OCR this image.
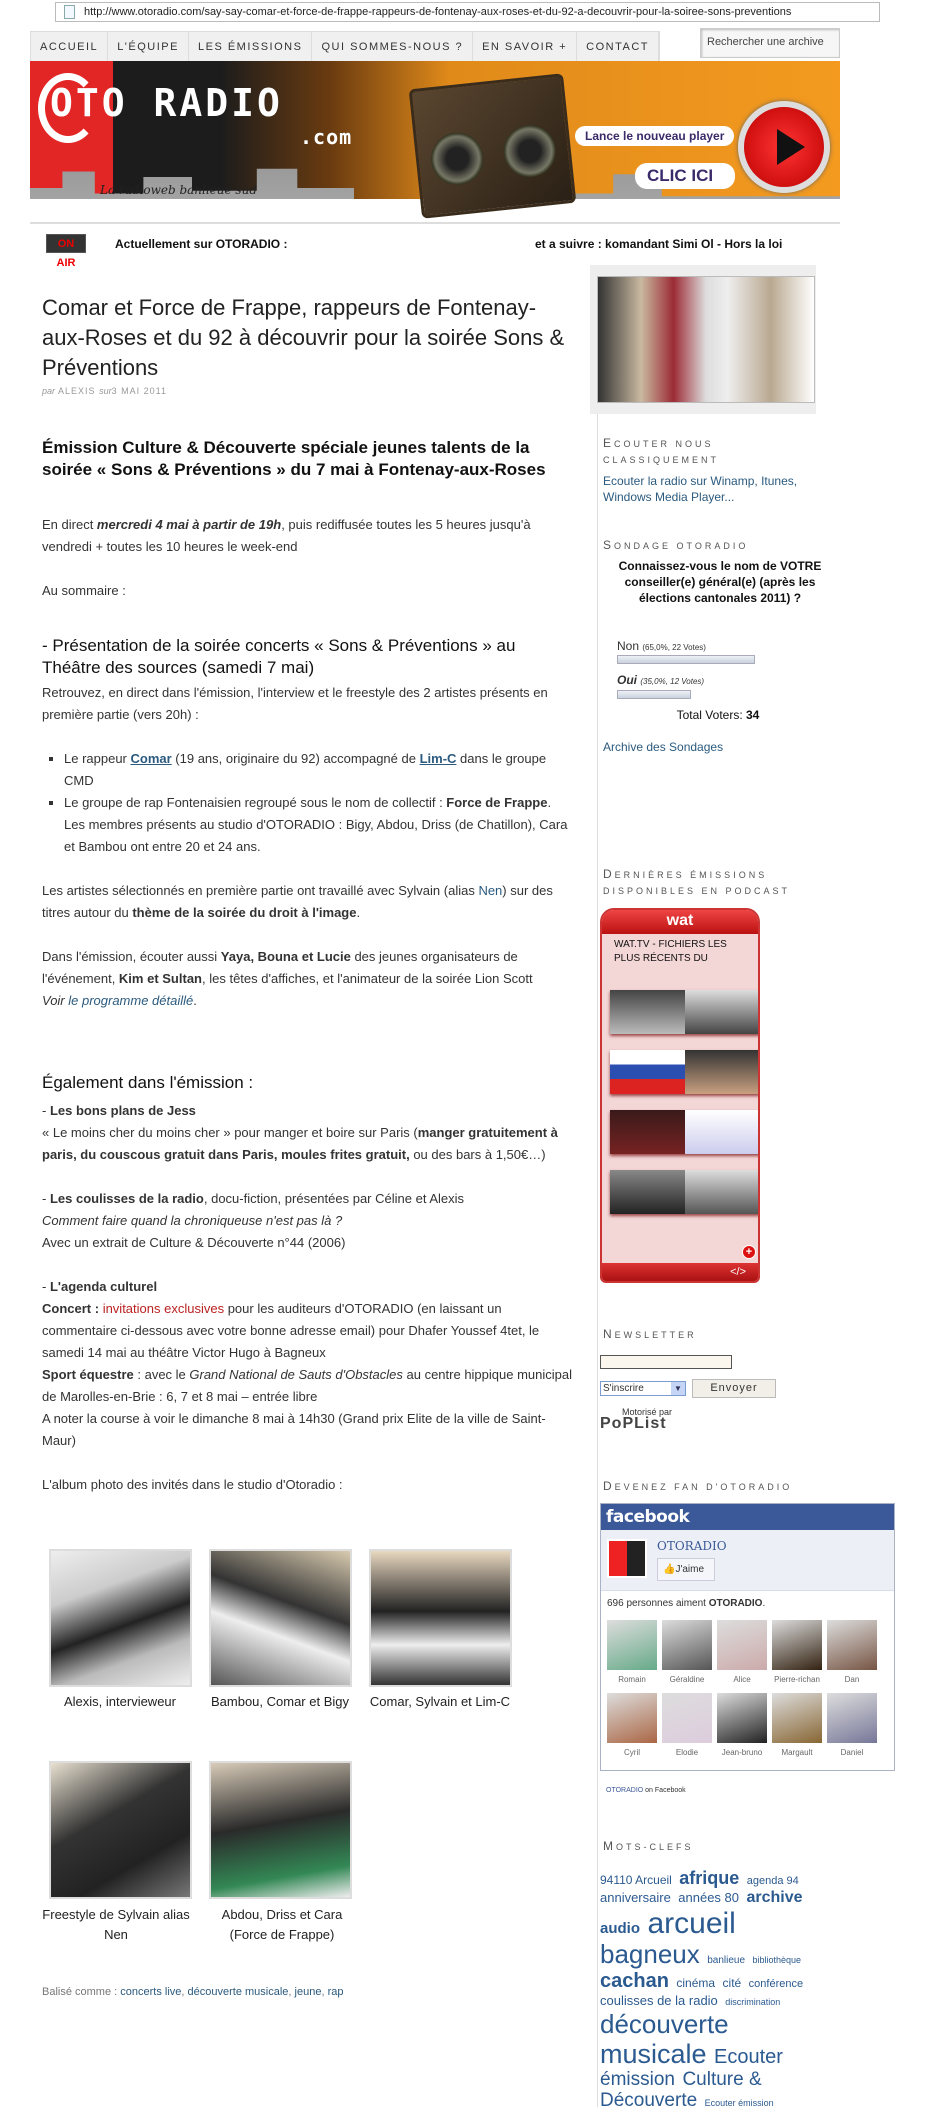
http://www.otoradio.com/say-say-comar-et-force-de-frappe-rappeurs-de-fontenay-aux-roses-et-du-92-a-decouvrir-pour-la-soiree-sons-preventions
ACCUEIL	L'ÉQUIPE	LES ÉMISSIONS	QUI SOMMES-NOUS ?	EN SAVOIR +	CONTACT	Rechercher une archive
OTO RADIO
.com
La radioweb banlieue sud
Lance le nouveau player
CLIC ICI
ON AIR
Actuellement sur OTORADIO :	et a suivre : komandant Simi Ol - Hors la loi
Comar et Force de Frappe, rappeurs de Fontenay-aux-Roses et du 92 à découvrir pour la soirée Sons & Préventions
par ALEXIS sur3 MAI 2011
Émission Culture & Découverte spéciale jeunes talents de la soirée « Sons & Préventions » du 7 mai à Fontenay-aux-Roses

En direct mercredi 4 mai à partir de 19h, puis rediffusée toutes les 5 heures jusqu'à vendredi + toutes les 10 heures le week-end

Au sommaire :

- Présentation de la soirée concerts « Sons & Préventions » au Théâtre des sources (samedi 7 mai)

Retrouvez, en direct dans l'émission, l'interview et le freestyle des 2 artistes présents en première partie (vers 20h) :

▪ Le rappeur Comar (19 ans, originaire du 92) accompagné de Lim-C dans le groupe CMD
▪ Le groupe de rap Fontenaisien regroupé sous le nom de collectif : Force de Frappe. Les membres présents au studio d'OTORADIO : Bigy, Abdou, Driss (de Chatillon), Cara et Bambou ont entre 20 et 24 ans.

Les artistes sélectionnés en première partie ont travaillé avec Sylvain (alias Nen) sur des titres autour du thème de la soirée du droit à l'image.

Dans l'émission, écouter aussi Yaya, Bouna et Lucie des jeunes organisateurs de l'événement, Kim et Sultan, les têtes d'affiches, et l'animateur de la soirée Lion Scott
Voir le programme détaillé.

Également dans l'émission :

- Les bons plans de Jess
« Le moins cher du moins cher » pour manger et boire sur Paris (manger gratuitement à paris, du couscous gratuit dans Paris, moules frites gratuit, ou des bars à 1,50€…)

- Les coulisses de la radio, docu-fiction, présentées par Céline et Alexis
Comment faire quand la chroniqueuse n'est pas là ?
Avec un extrait de Culture & Découverte n°44 (2006)

- L'agenda culturel
Concert : invitations exclusives pour les auditeurs d'OTORADIO (en laissant un commentaire ci-dessous avec votre bonne adresse email) pour Dhafer Youssef 4tet, le samedi 14 mai au théâtre Victor Hugo à Bagneux
Sport équestre : avec le Grand National de Sauts d'Obstacles au centre hippique municipal de Marolles-en-Brie : 6, 7 et 8 mai – entrée libre
A noter la course à voir le dimanche 8 mai à 14h30 (Grand prix Elite de la ville de Saint-Maur)

L'album photo des invités dans le studio d'Otoradio :

Alexis, intervieweur	Bambou, Comar et Bigy	Comar, Sylvain et Lim-C
Freestyle de Sylvain alias Nen
Abdou, Driss et Cara (Force de Frappe)
Balisé comme : concerts live, découverte musicale, jeune, rap
ECOUTER NOUS CLASSIQUEMENT
Ecouter la radio sur Winamp, Itunes, Windows Media Player...
SONDAGE OTORADIO
Connaissez-vous le nom de VOTRE conseiller(e) général(e) (après les élections cantonales 2011) ?
Non (65,0%, 22 Votes)
Oui (35,0%, 12 Votes)
Total Voters: 34
Archive des Sondages
DERNIÈRES ÉMISSIONS DISPONIBLES EN PODCAST
wat
WAT.TV - FICHIERS LES PLUS RÉCENTS DU
+
</>
NEWSLETTER
S'inscrire	▼	Envoyer
Motorisé par
PoPList
DEVENEZ FAN D'OTORADIO
facebook
OTORADIO
👍J'aime
696 personnes aiment OTORADIO.
Romain	Géraldine	Alice	Pierre-richan	Dan
Cyril	Elodie	Jean-bruno	Margault	Daniel
OTORADIO on Facebook
MOTS-CLEFS
94110 Arcueil afrique agenda 94 anniversaire années 80 archive audio arcueil bagneux banlieue bibliothèque cachan cinéma cité conférence coulisses de la radio discrimination découverte musicale Ecouter émission Culture & Découverte Ecouter émission
